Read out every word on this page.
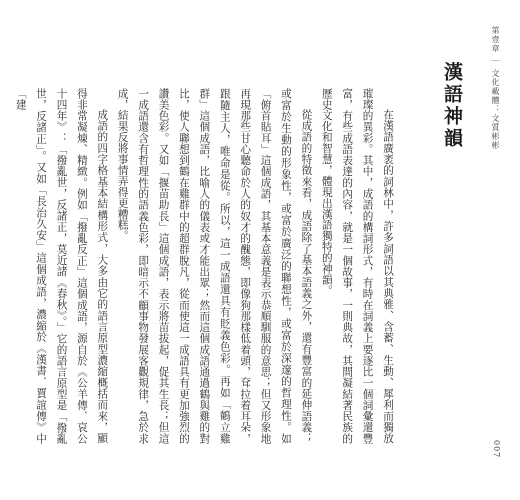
第壹章 ｜ 文化載體：文質彬彬
漢語神韻

在漢語廣袤的詞林中，許多詞語以其典雅、含蓄、生動、犀利而獨放璀璨的異彩。其中，成語的構詞形式，有時在詞義上要逐比一個詞彙還豐富，有些成語表達的內容，就是一個故事，一則典故，其間凝結著民族的歷史文化和智慧，體現出漢語獨特的神韻。

從成語的特徵來看，成語除了基本語義之外，還有豐富的延伸語義；或富於生動的形象性，或富於廣泛的聯想性，或富於深邃的哲理性。如「俯首貼耳」這個成語，其基本意義是表示恭順馴服的意思；但又形象地再現那些甘心聽命於人的奴才的醜態，即像狗那樣低着頭，耷拉着耳朵，跟隨主人，唯命是從。所以，這一成語還具有貶義色彩。再如「鶴立雞群」這個成語，比喻人的儀表或才能出眾；然而這個成語通過鶴與雞的對比，使人聯想到鶴在雞群中的超群脫凡，從而使這一成語具有更加強烈的讚美色彩。又如「揠苗助長」這個成語，表示將苗拔起，促其生長；但這一成語還含有哲理性的語義色彩，即暗示不顧事物發展客觀規律，急於求成，結果反將事情弄得更糟糕。

成語的四字格基本結構形式，大多由它的語言原型濃縮概括而來，顯得非常凝煉、精緻。例如「撥亂反正」這個成語，源自於《公羊傳．哀公十四年》：「撥亂世，反諸正，莫近諸《春秋》。」它的語言原型是「撥亂世，反諸正」。又如「長治久安」這個成語，濃縮於《漢書．賈誼傳》中「建

007
